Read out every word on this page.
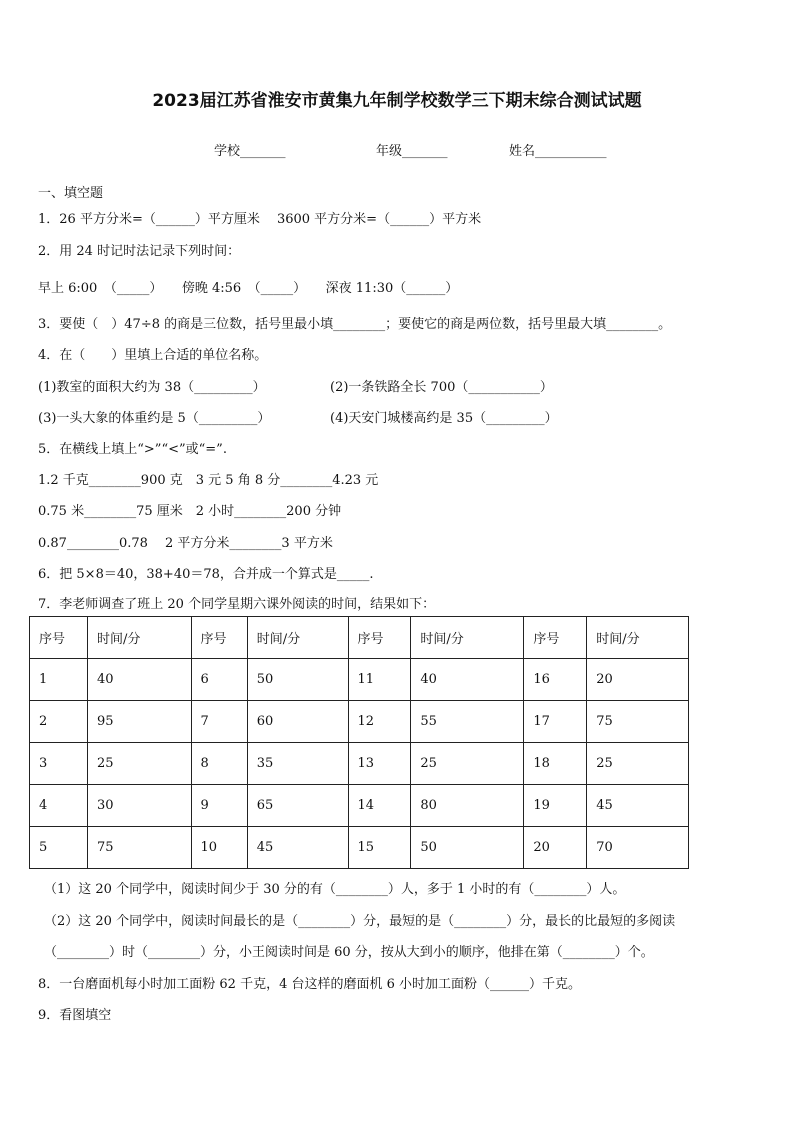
2023届江苏省淮安市黄集九年制学校数学三下期末综合测试试题
学校_______	年级_______	姓名___________
一、填空题
1．26 平方分米=（______）平方厘米　 3600 平方分米=（______）平方米
2．用 24 时记时法记录下列时间：
早上 6:00　（_____）　　傍晚 4:56　（_____）　　深夜 11:30（______）
3．要使（　）47÷8 的商是三位数，括号里最小填________；要使它的商是两位数，括号里最大填________。
4．在（　　）里填上合适的单位名称。
(1)教室的面积大约为 38（_________）	(2)一条铁路全长 700（___________）
(3)一头大象的体重约是 5（_________）	(4)天安门城楼高约是 35（_________）
5．在横线上填上“>”“<”或“=”.
1.2 千克________900 克　3 元 5 角 8 分________4.23 元
0.75 米________75 厘米　2 小时________200 分钟
0.87________0.78　 2 平方分米________3 平方米
6．把 5×8＝40，38+40＝78，合并成一个算式是_____.
7．李老师调查了班上 20 个同学星期六课外阅读的时间，结果如下：
序号	时间/分	序号	时间/分	序号	时间/分	序号	时间/分
1	40	6	50	11	40	16	20
2	95	7	60	12	55	17	75
3	25	8	35	13	25	18	25
4	30	9	65	14	80	19	45
5	75	10	45	15	50	20	70
（1）这 20 个同学中，阅读时间少于 30 分的有（________）人，多于 1 小时的有（________）人。
（2）这 20 个同学中，阅读时间最长的是（________）分，最短的是（________）分，最长的比最短的多阅读
（________）时（________）分，小王阅读时间是 60 分，按从大到小的顺序，他排在第（________）个。
8．一台磨面机每小时加工面粉 62 千克，4 台这样的磨面机 6 小时加工面粉（______）千克。
9．看图填空
